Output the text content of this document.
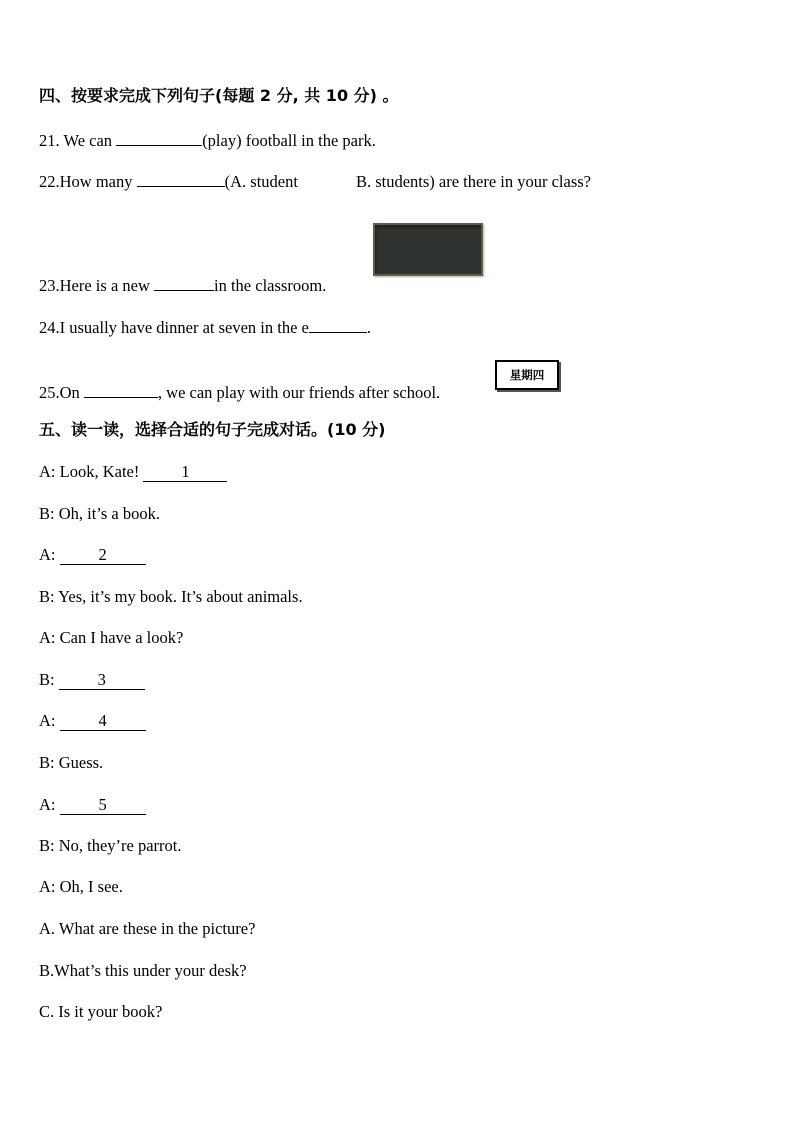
四、按要求完成下列句子(每题 2 分, 共 10 分) 。
21. We can	(play) football in the park.
22.How many	(A. student	B. students) are there in your class?
23.Here is a new	in the classroom.
24.I usually have dinner at seven in the e	.
星期四
25.On	, we can play with our friends after school.
五、读一读，选择合适的句子完成对话。(10 分)
A: Look, Kate!	1
B: Oh, it’s a book.
A:	2
B: Yes, it’s my book. It’s about animals.
A: Can I have a look?
B:	3
A:	4
B: Guess.
A:	5
B: No, they’re parrot.
A: Oh, I see.
A. What are these in the picture?
B.What’s this under your desk?
C. Is it your book?
